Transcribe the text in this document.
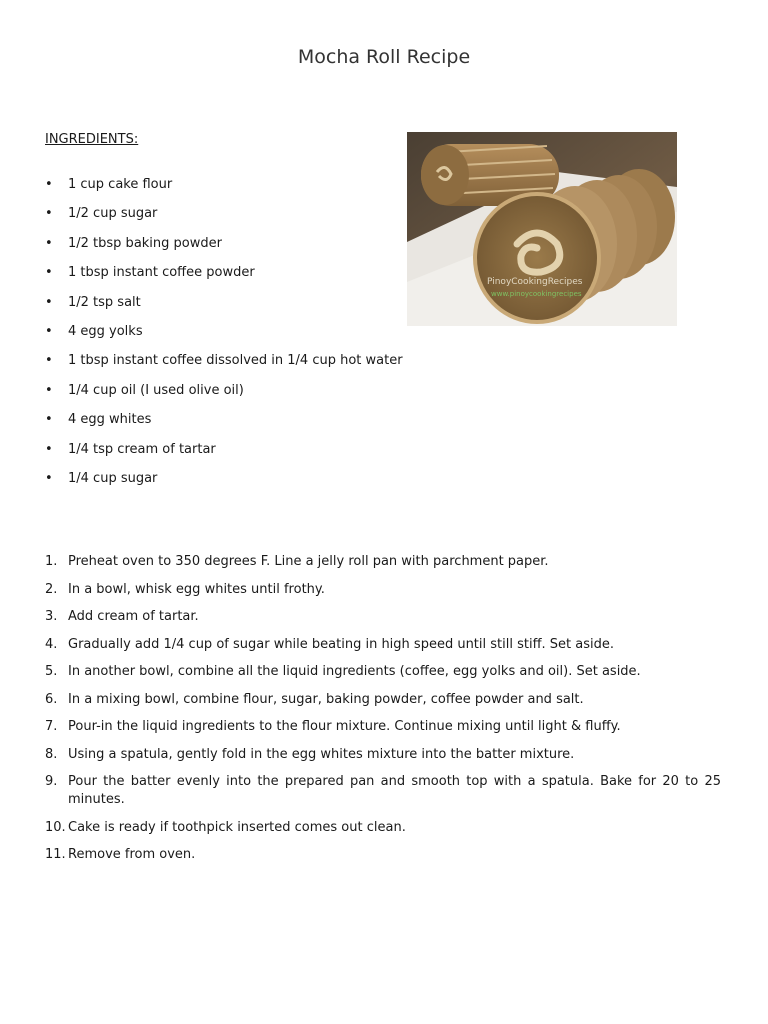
Mocha Roll Recipe

INGREDIENTS:

• 1 cup cake flour
• 1/2 cup sugar
• 1/2 tbsp baking powder
• 1 tbsp instant coffee powder
• 1/2 tsp salt
• 4 egg yolks
• 1 tbsp instant coffee dissolved in 1/4 cup hot water
• 1/4 cup oil (I used olive oil)
• 4 egg whites
• 1/4 tsp cream of tartar
• 1/4 cup sugar
PinoyCookingRecipes
www.pinoycookingrecipes
1. Preheat oven to 350 degrees F. Line a jelly roll pan with parchment paper.
2. In a bowl, whisk egg whites until frothy.
3. Add cream of tartar.
4. Gradually add 1/4 cup of sugar while beating in high speed until still stiff. Set aside.
5. In another bowl, combine all the liquid ingredients (coffee, egg yolks and oil). Set aside.
6. In a mixing bowl, combine flour, sugar, baking powder, coffee powder and salt.
7. Pour-in the liquid ingredients to the flour mixture. Continue mixing until light & fluffy.
8. Using a spatula, gently fold in the egg whites mixture into the batter mixture.
9. Pour the batter evenly into the prepared pan and smooth top with a spatula. Bake for 20 to 25 minutes.
10. Cake is ready if toothpick inserted comes out clean.
11. Remove from oven.
